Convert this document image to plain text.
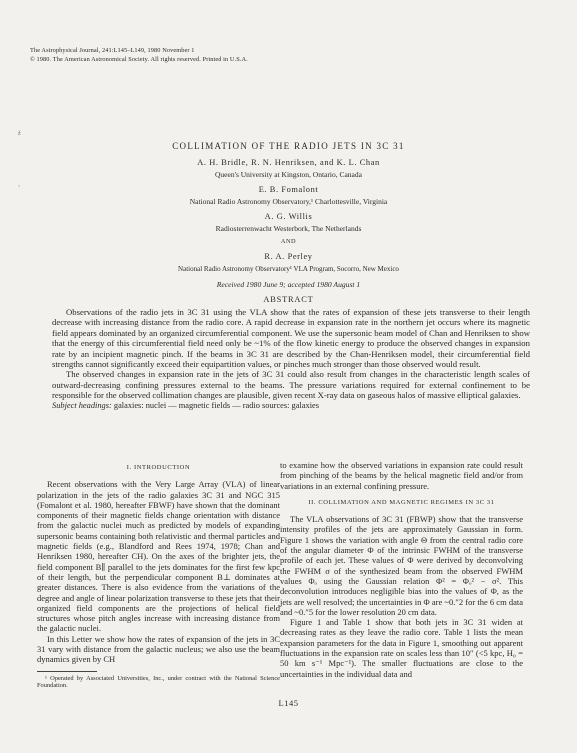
The Astrophysical Journal, 241:L145–L149, 1980 November 1
© 1980. The American Astronomical Society. All rights reserved. Printed in U.S.A.
ž
¸
COLLIMATION OF THE RADIO JETS IN 3C 31
A. H. Bridle, R. N. Henriksen, and K. L. Chan
Queen's University at Kingston, Ontario, Canada
E. B. Fomalont
National Radio Astronomy Observatory,¹ Charlottesville, Virginia
A. G. Willis
Radiosterrenwacht Westerbork, The Netherlands
AND
R. A. Perley
National Radio Astronomy Observatory¹ VLA Program, Socorro, New Mexico
Received 1980 June 9; accepted 1980 August 1
ABSTRACT

Observations of the radio jets in 3C 31 using the VLA show that the rates of expansion of these jets transverse to their length decrease with increasing distance from the radio core. A rapid decrease in expansion rate in the northern jet occurs where its magnetic field appears dominated by an organized circumferential component. We use the supersonic beam model of Chan and Henriksen to show that the energy of this circumferential field need only be ~1% of the flow kinetic energy to produce the observed changes in expansion rate by an incipient magnetic pinch. If the beams in 3C 31 are described by the Chan-Henriksen model, their circumferential field strengths cannot significantly exceed their equipartition values, or pinches much stronger than those observed would result.

The observed changes in expansion rate in the jets of 3C 31 could also result from changes in the characteristic length scales of outward-decreasing confining pressures external to the beams. The pressure variations required for external confinement to be responsible for the observed collimation changes are plausible, given recent X-ray data on gaseous halos of massive elliptical galaxies.

Subject headings: galaxies: nuclei — magnetic fields — radio sources: galaxies

I. INTRODUCTION

Recent observations with the Very Large Array (VLA) of linear polarization in the jets of the radio galaxies 3C 31 and NGC 315 (Fomalont et al. 1980, hereafter FBWF) have shown that the dominant components of their magnetic fields change orientation with distance from the galactic nuclei much as predicted by models of expanding supersonic beams containing both relativistic and thermal particles and magnetic fields (e.g., Blandford and Rees 1974, 1978; Chan and Henriksen 1980, hereafter CH). On the axes of the brighter jets, the field component B∥ parallel to the jets dominates for the first few kpc of their length, but the perpendicular component B⊥ dominates at greater distances. There is also evidence from the variations of the degree and angle of linear polarization transverse to these jets that their organized field components are the projections of helical field structures whose pitch angles increase with increasing distance from the galactic nuclei.

In this Letter we show how the rates of expansion of the jets in 3C 31 vary with distance from the galactic nucleus; we also use the beam dynamics given by CH

¹ Operated by Associated Universities, Inc., under contract with the National Science Foundation.

to examine how the observed variations in expansion rate could result from pinching of the beams by the helical magnetic field and/or from variations in an external confining pressure.

II. COLLIMATION AND MAGNETIC REGIMES IN 3C 31

The VLA observations of 3C 31 (FBWP) show that the transverse intensity profiles of the jets are approximately Gaussian in form. Figure 1 shows the variation with angle Θ from the central radio core of the angular diameter Φ of the intrinsic FWHM of the transverse profile of each jet. These values of Φ were derived by deconvolving the FWHM σ of the synthesized beam from the observed FWHM values Φₒ using the Gaussian relation Φ² = Φₒ² − σ². This deconvolution introduces negligible bias into the values of Φ, as the jets are well resolved; the uncertainties in Φ are ~0.″2 for the 6 cm data and ~0.″5 for the lower resolution 20 cm data.

Figure 1 and Table 1 show that both jets in 3C 31 widen at decreasing rates as they leave the radio core. Table 1 lists the mean expansion parameters for the data in Figure 1, smoothing out apparent fluctuations in the expansion rate on scales less than 10″ (<5 kpc, H₀ = 50 km s⁻¹ Mpc⁻¹). The smaller fluctuations are close to the uncertainties in the individual data and

L145
